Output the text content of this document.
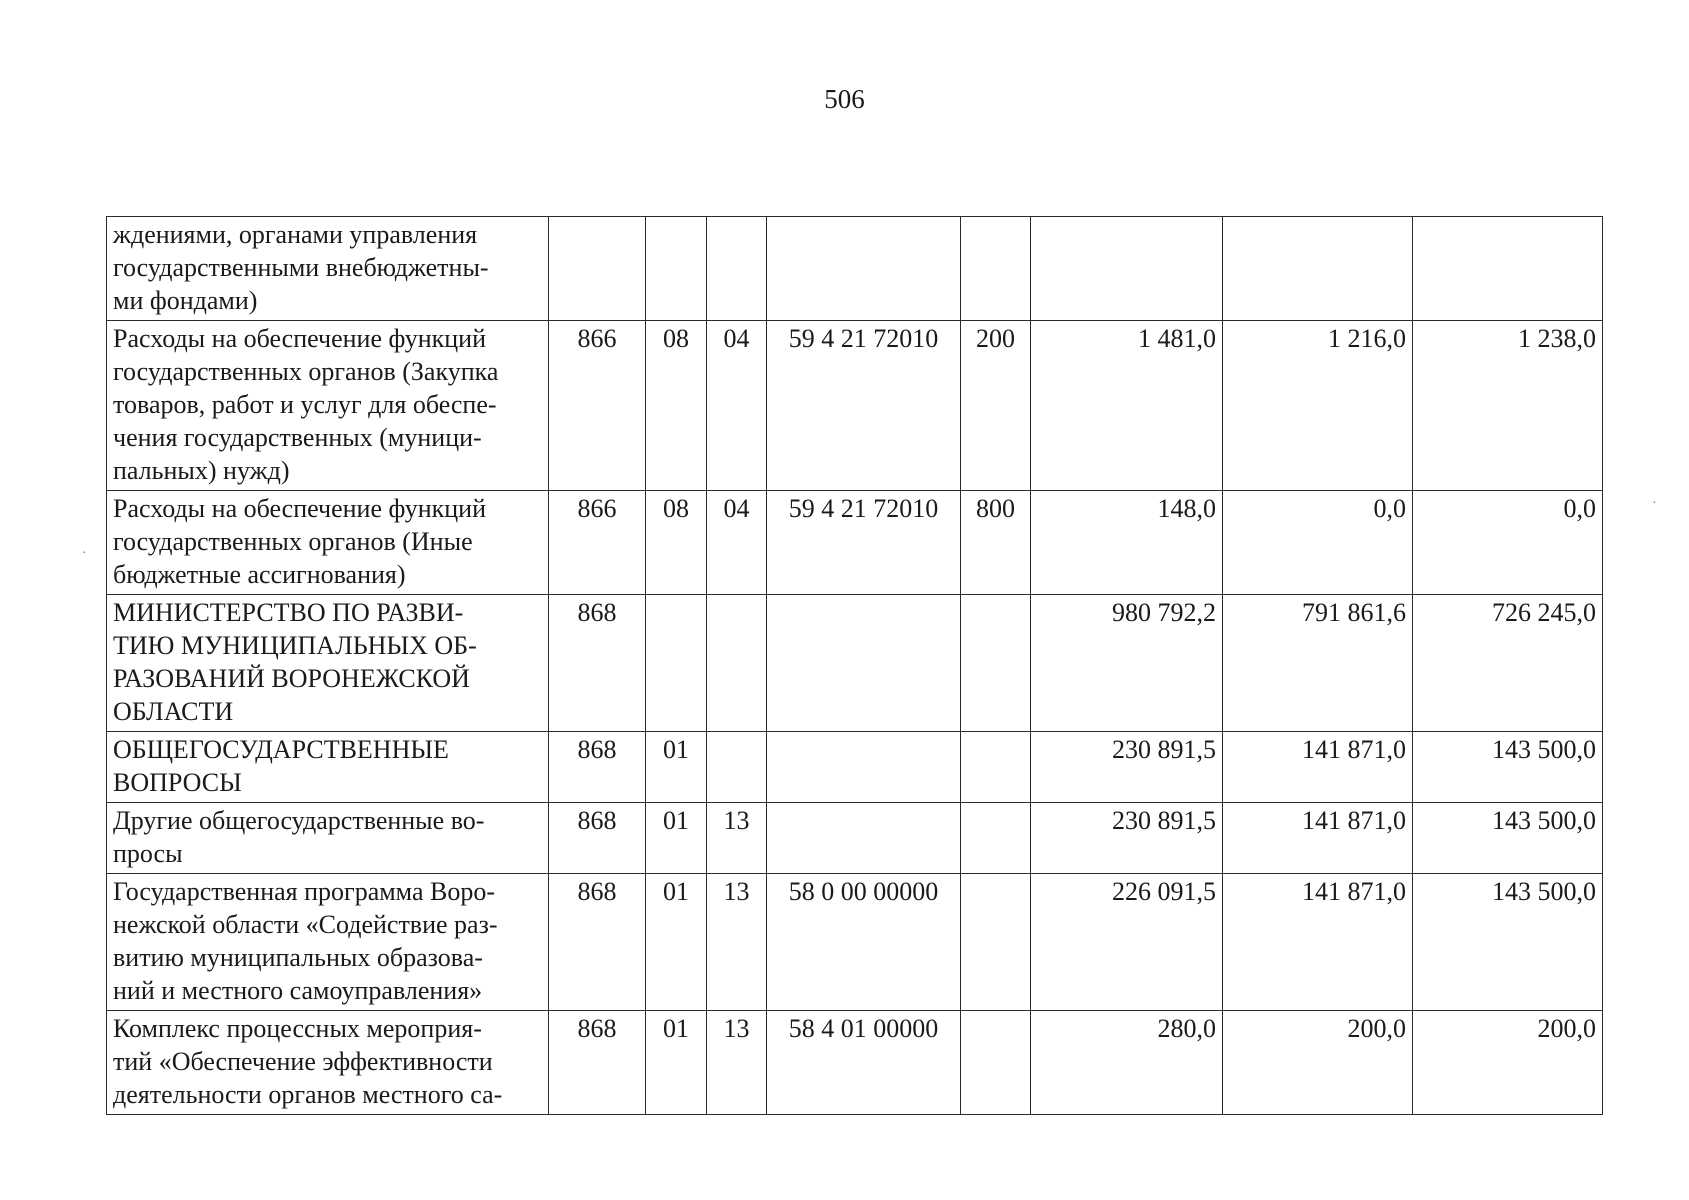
506
·
·
ждениями, органами управления
государственными внебюджетны-
ми фондами)								

Расходы на обеспечение функций
государственных органов (Закупка
товаров, работ и услуг для обеспе-
чения государственных (муници-
пальных) нужд)	866	08	04	59 4 21 72010	200	1 481,0	1 216,0	1 238,0

Расходы на обеспечение функций
государственных органов (Иные
бюджетные ассигнования)	866	08	04	59 4 21 72010	800	148,0	0,0	0,0

МИНИСТЕРСТВО ПО РАЗВИ-
ТИЮ МУНИЦИПАЛЬНЫХ ОБ-
РАЗОВАНИЙ ВОРОНЕЖСКОЙ
ОБЛАСТИ	868					980 792,2	791 861,6	726 245,0

ОБЩЕГОСУДАРСТВЕННЫЕ
ВОПРОСЫ	868	01				230 891,5	141 871,0	143 500,0

Другие общегосударственные во-
просы	868	01	13			230 891,5	141 871,0	143 500,0

Государственная программа Воро-
нежской области «Содействие раз-
витию муниципальных образова-
ний и местного самоуправления»	868	01	13	58 0 00 00000		226 091,5	141 871,0	143 500,0

Комплекс процессных мероприя-
тий «Обеспечение эффективности
деятельности органов местного са-	868	01	13	58 4 01 00000		280,0	200,0	200,0
